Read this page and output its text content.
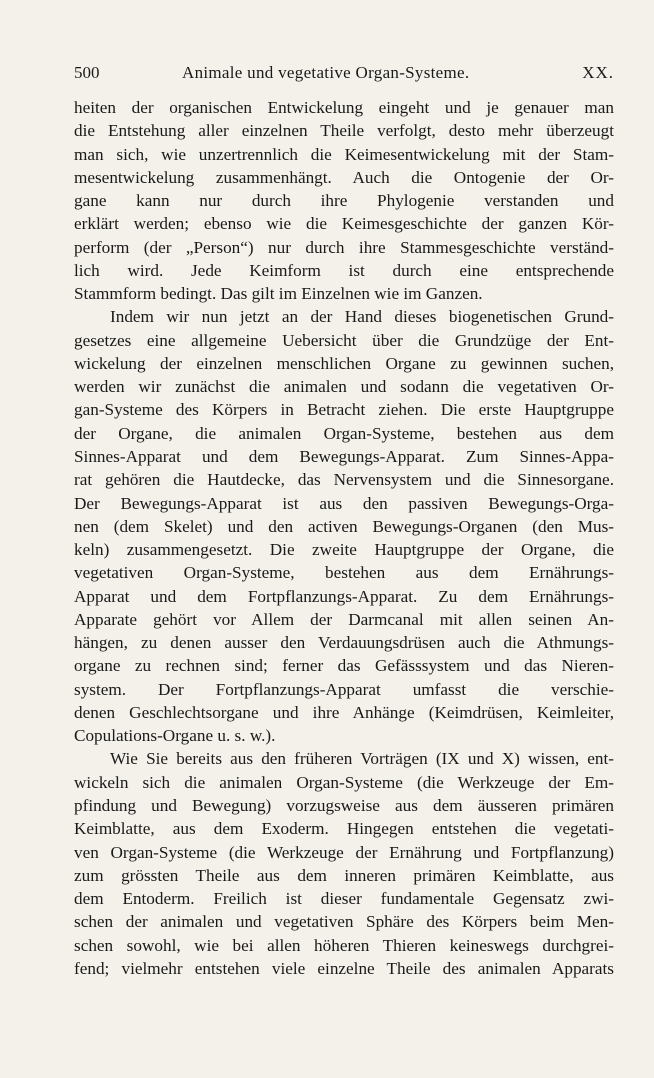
500	Animale und vegetative Organ-Systeme.	XX.
heiten der organischen Entwickelung eingeht und je genauer man
die Entstehung aller einzelnen Theile verfolgt, desto mehr überzeugt
man sich, wie unzertrennlich die Keimesentwickelung mit der Stam-
mesentwickelung zusammenhängt. Auch die Ontogenie der Or-
gane kann nur durch ihre Phylogenie verstanden und
erklärt werden; ebenso wie die Keimesgeschichte der ganzen Kör-
perform (der „Person“) nur durch ihre Stammesgeschichte verständ-
lich wird. Jede Keimform ist durch eine entsprechende
Stammform bedingt. Das gilt im Einzelnen wie im Ganzen.
Indem wir nun jetzt an der Hand dieses biogenetischen Grund-
gesetzes eine allgemeine Uebersicht über die Grundzüge der Ent-
wickelung der einzelnen menschlichen Organe zu gewinnen suchen,
werden wir zunächst die animalen und sodann die vegetativen Or-
gan-Systeme des Körpers in Betracht ziehen. Die erste Hauptgruppe
der Organe, die animalen Organ-Systeme, bestehen aus dem
Sinnes-Apparat und dem Bewegungs-Apparat. Zum Sinnes-Appa-
rat gehören die Hautdecke, das Nervensystem und die Sinnesorgane.
Der Bewegungs-Apparat ist aus den passiven Bewegungs-Orga-
nen (dem Skelet) und den activen Bewegungs-Organen (den Mus-
keln) zusammengesetzt. Die zweite Hauptgruppe der Organe, die
vegetativen Organ-Systeme, bestehen aus dem Ernährungs-
Apparat und dem Fortpflanzungs-Apparat. Zu dem Ernährungs-
Apparate gehört vor Allem der Darmcanal mit allen seinen An-
hängen, zu denen ausser den Verdauungsdrüsen auch die Athmungs-
organe zu rechnen sind; ferner das Gefässsystem und das Nieren-
system. Der Fortpflanzungs-Apparat umfasst die verschie-
denen Geschlechtsorgane und ihre Anhänge (Keimdrüsen, Keimleiter,
Copulations-Organe u. s. w.).
Wie Sie bereits aus den früheren Vorträgen (IX und X) wissen, ent-
wickeln sich die animalen Organ-Systeme (die Werkzeuge der Em-
pfindung und Bewegung) vorzugsweise aus dem äusseren primären
Keimblatte, aus dem Exoderm. Hingegen entstehen die vegetati-
ven Organ-Systeme (die Werkzeuge der Ernährung und Fortpflanzung)
zum grössten Theile aus dem inneren primären Keimblatte, aus
dem Entoderm. Freilich ist dieser fundamentale Gegensatz zwi-
schen der animalen und vegetativen Sphäre des Körpers beim Men-
schen sowohl, wie bei allen höheren Thieren keineswegs durchgrei-
fend; vielmehr entstehen viele einzelne Theile des animalen Apparats
